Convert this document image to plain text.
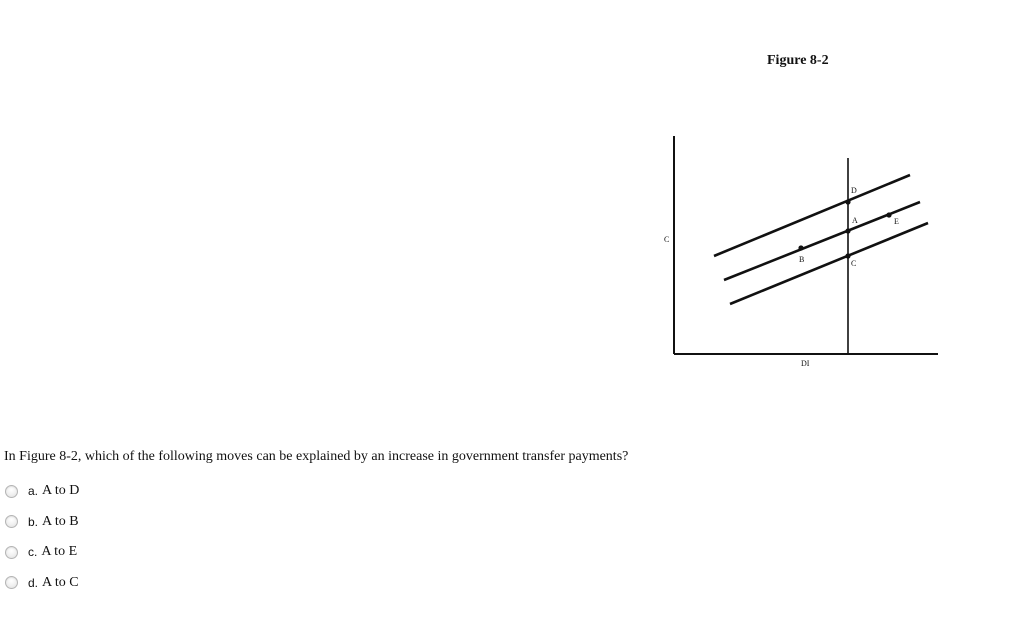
Figure 8-2
C
DI
D
A	E
B	C
In Figure 8-2, which of the following moves can be explained by an increase in government transfer payments?
a. A to D
b. A to B
c. A to E
d. A to C
